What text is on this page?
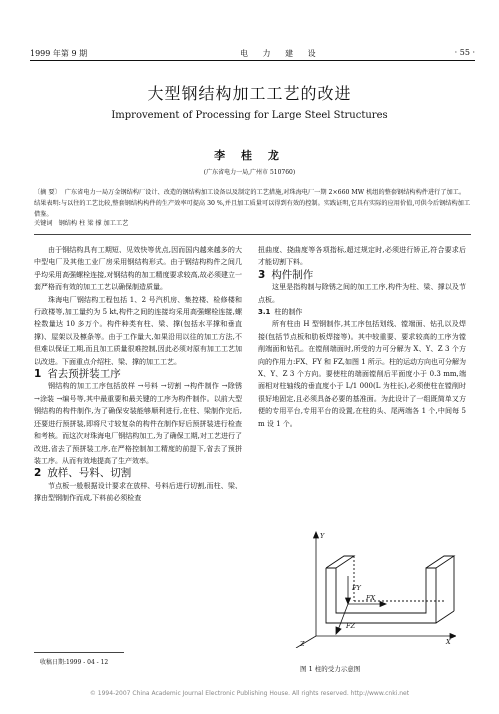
1999 年第 9 期	电 力 建 设	· 55 ·
大型钢结构加工工艺的改进
Improvement of Processing for Large Steel Structures
李 桂 龙
(广东省电力一局,广州市 510760)
〔摘 要〕 广东省电力一局万金钢结构厂设计、改造的钢结构加工设备以及制定的工艺措施,对珠海电厂一期 2×660 MW 机组的整套钢结构构件进行了加工。结果表明:与以往的工艺比较,整套钢结构构件的生产效率可提高 30 %,并且加工质量可以得到有效的控制。实践证明,它具有实际的应用价值,可供今后钢结构加工借鉴。
关键词 钢结构 柱 梁 撑 加工工艺

由于钢结构具有工期短、见效快等优点,因而国内越来越多的大中型电厂及其他工业厂房采用钢结构形式。由于钢结构构件之间几乎均采用高强螺栓连接,对钢结构的加工精度要求较高,故必须建立一套严格而有效的加工工艺以确保制造质量。

珠海电厂钢结构工程包括 1、2 号汽机房、集控楼、检修楼和行政楼等,加工量约为 5 kt,构件之间的连接均采用高强螺栓连接,螺栓数量达 10 多万个。构件种类有柱、梁、撑(包括水平撑和垂直撑)、屋架以及檩条等。由于工作量大,如果沿用以往的加工方法,不但难以保证工期,而且加工质量很难控制,因此必须对原有加工工艺加以改进。下面重点介绍柱、梁、撑的加工工艺。

1 省去预拼装工序

钢结构的加工工序包括放样 →号料 →切割 →构件制作 →除锈 →涂装 →编号等,其中最重要和最关键的工序为构件制作。以前大型钢结构的构件制作,为了确保安装能够顺利进行,在柱、梁制作完后,还要进行预拼装,即将尺寸较复杂的构件在制作好后预拼装进行检查和考核。而这次对珠海电厂钢结构加工,为了确保工期,对工艺进行了改进,省去了预拼装工序,在严格控制加工精度的前提下,省去了预拼装工序。从而有效地提高了生产效率。

2 放样、号料、切割

节点板一般根据设计要求在放样、号料后进行切割,而柱、梁、撑由型钢制作而成,下料前必须检查

收稿日期:1999 - 04 - 12

扭曲度、挠曲度等各项指标,超过规定时,必须进行矫正,符合要求后才能切割下料。

3 构件制作

这里是指构制与除锈之间的加工工序,构件为柱、梁、撑以及节点板。

3.1 柱的制作

所有柱由 H 型钢制作,其工序包括划线、镗端面、钻孔以及焊接(包括节点板和肋板焊接等)。其中较重要、要求较高的工序为镗削端面和钻孔。在镗削端面时,所受的力可分解为 X、Y、Z 3 个方向的作用力:FX、FY 和 FZ,如图 1 所示。柱的运动方向也可分解为 X、Y、Z 3 个方向。要使柱的端面镗削后平面度小于 0.3 mm,端面相对柱轴线的垂直度小于 L/1 000(L 为柱长),必须使柱在镗削时很好地固定,且必须具备必要的基准面。为此设计了一组既简单又方便的专用平台,专用平台的设置,在柱的头、尾两端各 1 个,中间每 5 m 设 1 个。

Y
X
Z
FY
FX
FZ
图 1 柱的受力示意图
© 1994-2007 China Academic Journal Electronic Publishing House. All rights reserved. http://www.cnki.net
